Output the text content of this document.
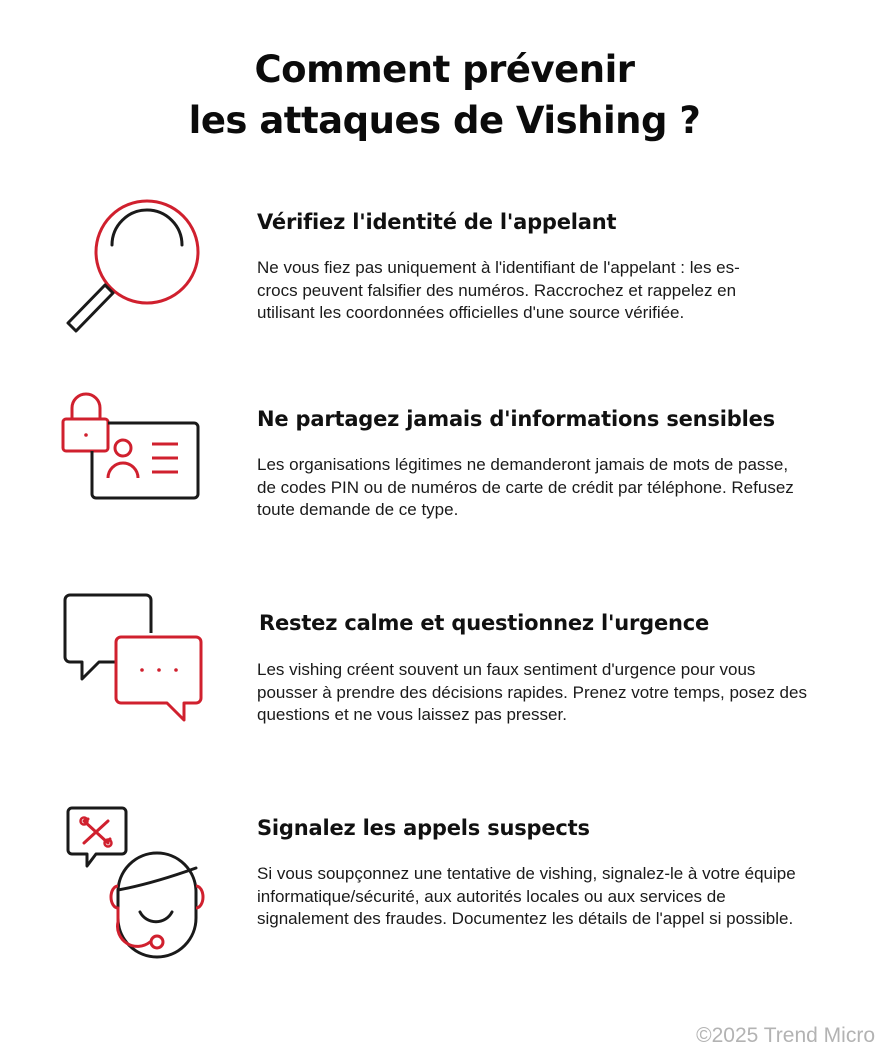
Comment prévenir
les attaques de Vishing ?
Vérifiez l'identité de l'appelant

Ne vous fiez pas uniquement à l'identifiant de l'appelant : les es-crocs peuvent falsifier des numéros. Raccrochez et rappelez en utilisant les coordonnées officielles d'une source vérifiée.

Ne partagez jamais d'informations sensibles

Les organisations légitimes ne demanderont jamais de mots de passe, de codes PIN ou de numéros de carte de crédit par téléphone. Refusez toute demande de ce type.

Restez calme et questionnez l'urgence

Les vishing créent souvent un faux sentiment d'urgence pour vous pousser à prendre des décisions rapides. Prenez votre temps, posez des questions et ne vous laissez pas presser.

Signalez les appels suspects

Si vous soupçonnez une tentative de vishing, signalez-le à votre équipe informatique/sécurité, aux autorités locales ou aux services de signalement des fraudes. Documentez les détails de l'appel si possible.

©2025 Trend Micro
